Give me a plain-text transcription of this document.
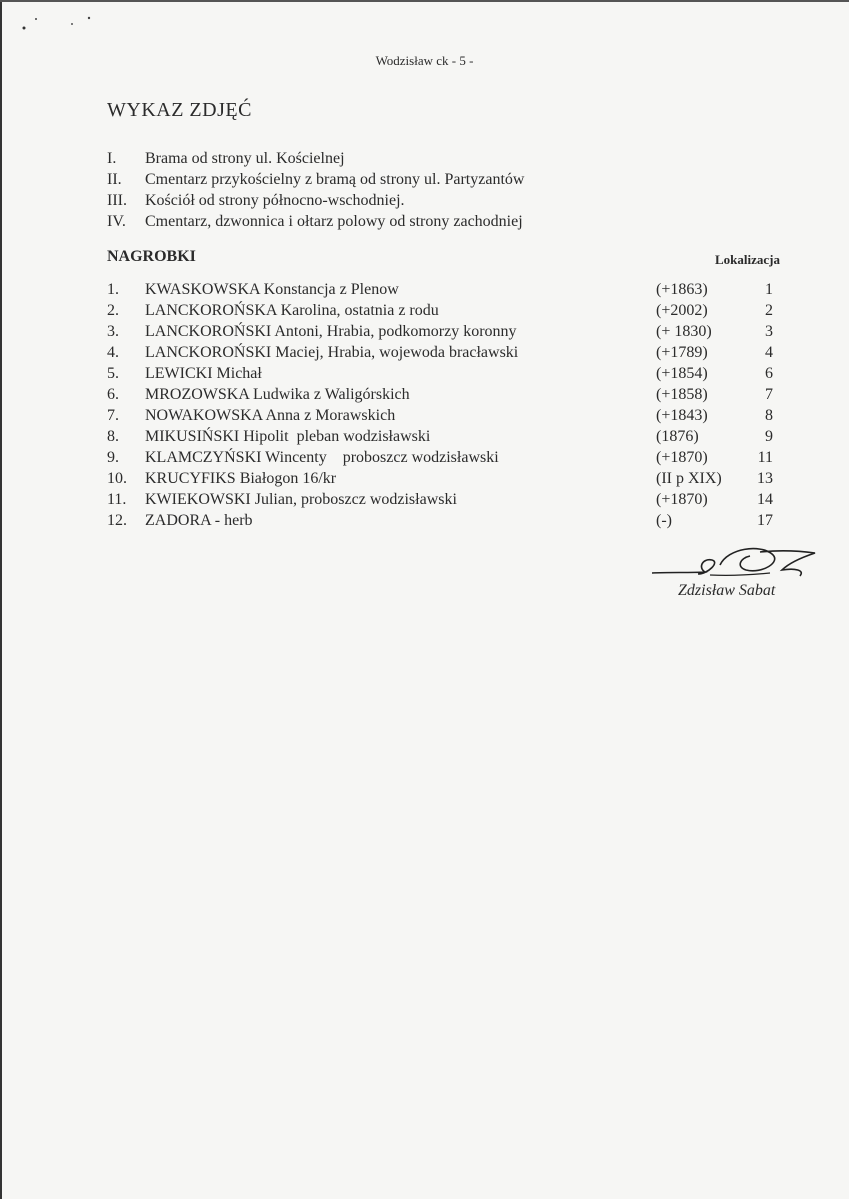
Wodzisław ck - 5 -
WYKAZ ZDJĘĆ
I.	Brama od strony ul. Kościelnej
II.	Cmentarz przykościelny z bramą od strony ul. Partyzantów
III.	Kościół od strony północno-wschodniej.
IV.	Cmentarz, dzwonnica i ołtarz polowy od strony zachodniej
NAGROBKI	Lokalizacja
1.	KWASKOWSKA Konstancja z Plenow	(+1863)	1
2.	LANCKOROŃSKA Karolina, ostatnia z rodu	(+2002)	2
3.	LANCKOROŃSKI Antoni, Hrabia, podkomorzy koronny	(+ 1830)	3
4.	LANCKOROŃSKI Maciej, Hrabia, wojewoda bracławski	(+1789)	4
5.	LEWICKI Michał	(+1854)	6
6.	MROZOWSKA Ludwika z Waligórskich	(+1858)	7
7.	NOWAKOWSKA Anna z Morawskich	(+1843)	8
8.	MIKUSIŃSKI Hipolit  pleban wodzisławski	(1876)	9
9.	KLAMCZYŃSKI Wincenty    proboszcz wodzisławski	(+1870)	11
10.	KRUCYFIKS Białogon 16/kr	(II p XIX)	13
11.	KWIEKOWSKI Julian, proboszcz wodzisławski	(+1870)	14
12.	ZADORA - herb	(-)	17
Zdzisław Sabat
